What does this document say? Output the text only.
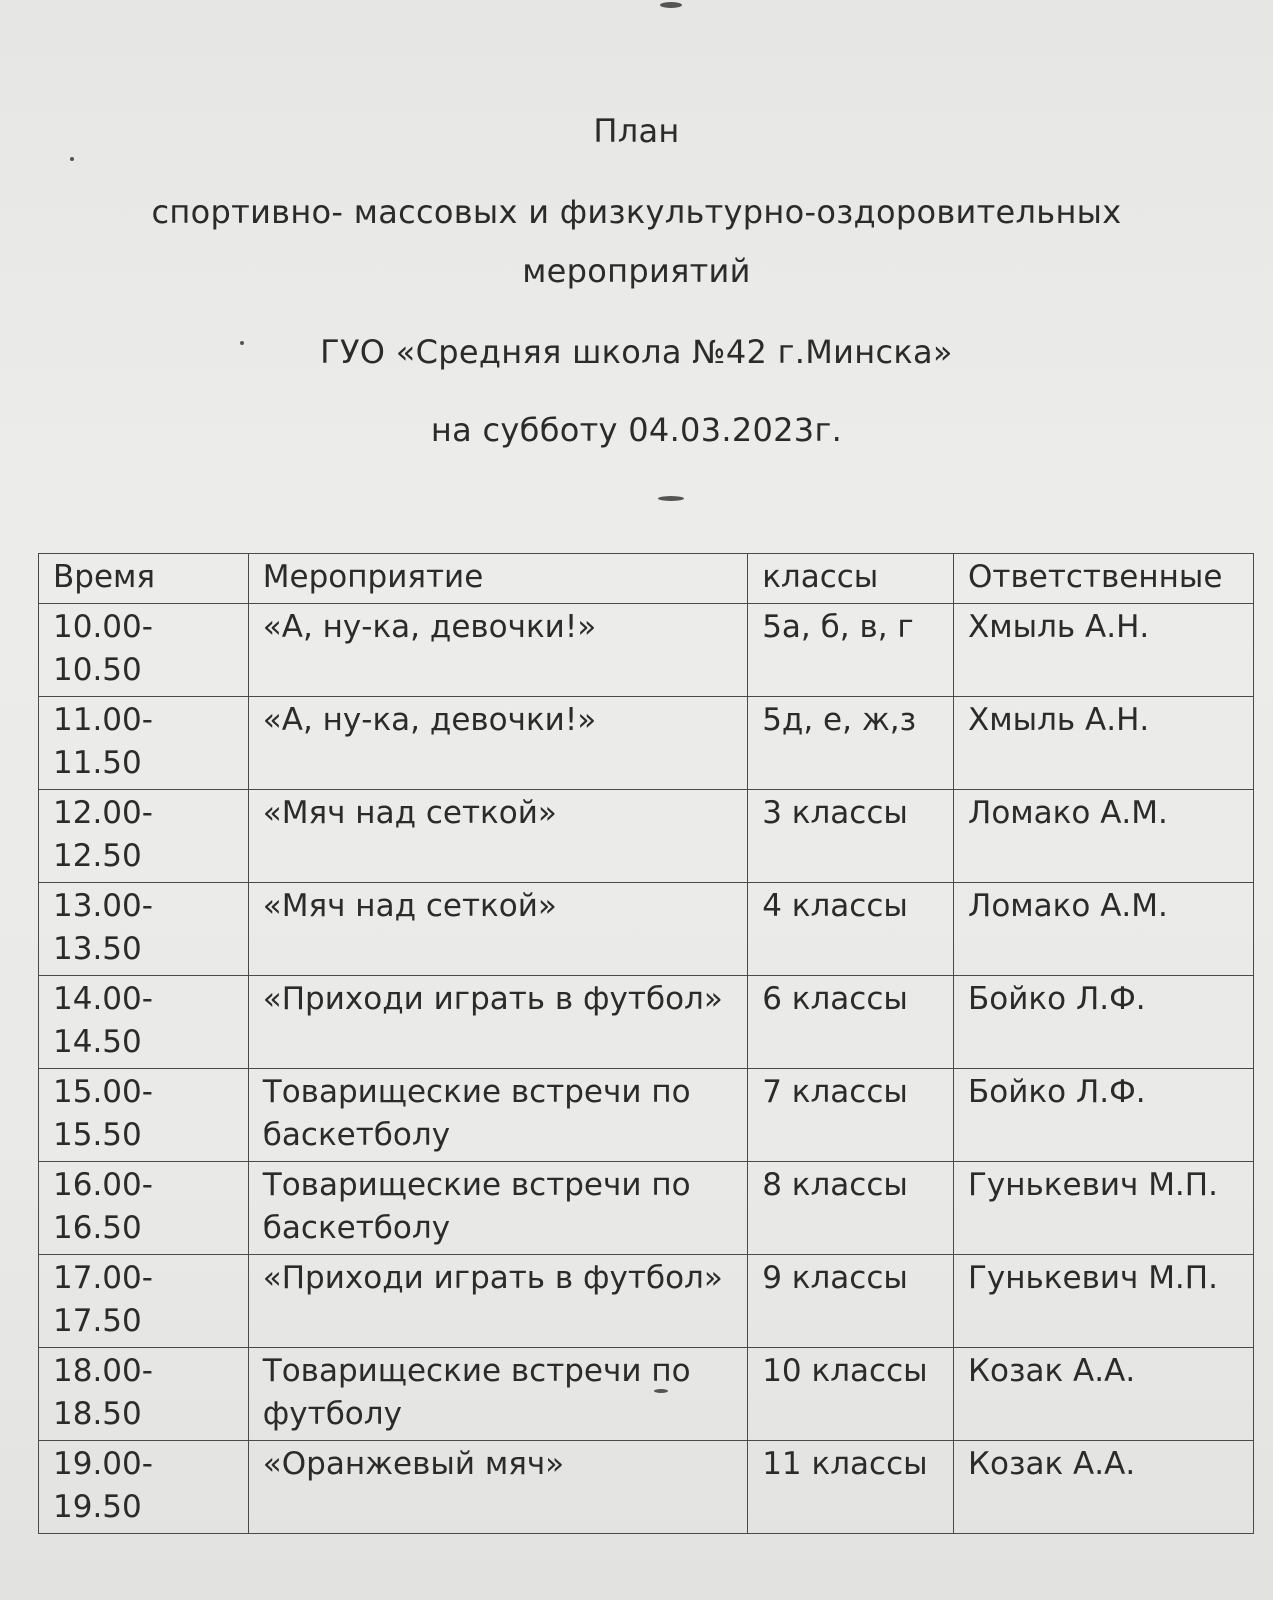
План
спортивно- массовых и физкультурно-оздоровительных
мероприятий
ГУО «Средняя школа №42 г.Минска»
на субботу 04.03.2023г.
Время	Мероприятие	классы	Ответственные
10.00-10.50	«А, ну-ка, девочки!»	5а, б, в, г	Хмыль А.Н.
11.00-11.50	«А, ну-ка, девочки!»	5д, е, ж,з	Хмыль А.Н.
12.00-12.50	«Мяч над сеткой»	3 классы	Ломако А.М.
13.00-13.50	«Мяч над сеткой»	4 классы	Ломако А.М.
14.00-14.50	«Приходи играть в футбол»	6 классы	Бойко Л.Ф.
15.00-15.50	Товарищеские встречи по баскетболу	7 классы	Бойко Л.Ф.
16.00-16.50	Товарищеские встречи по баскетболу	8 классы	Гунькевич М.П.
17.00-17.50	«Приходи играть в футбол»	9 классы	Гунькевич М.П.
18.00-18.50	Товарищеские встречи по футболу	10 классы	Козак А.А.
19.00-19.50	«Оранжевый мяч»	11 классы	Козак А.А.
